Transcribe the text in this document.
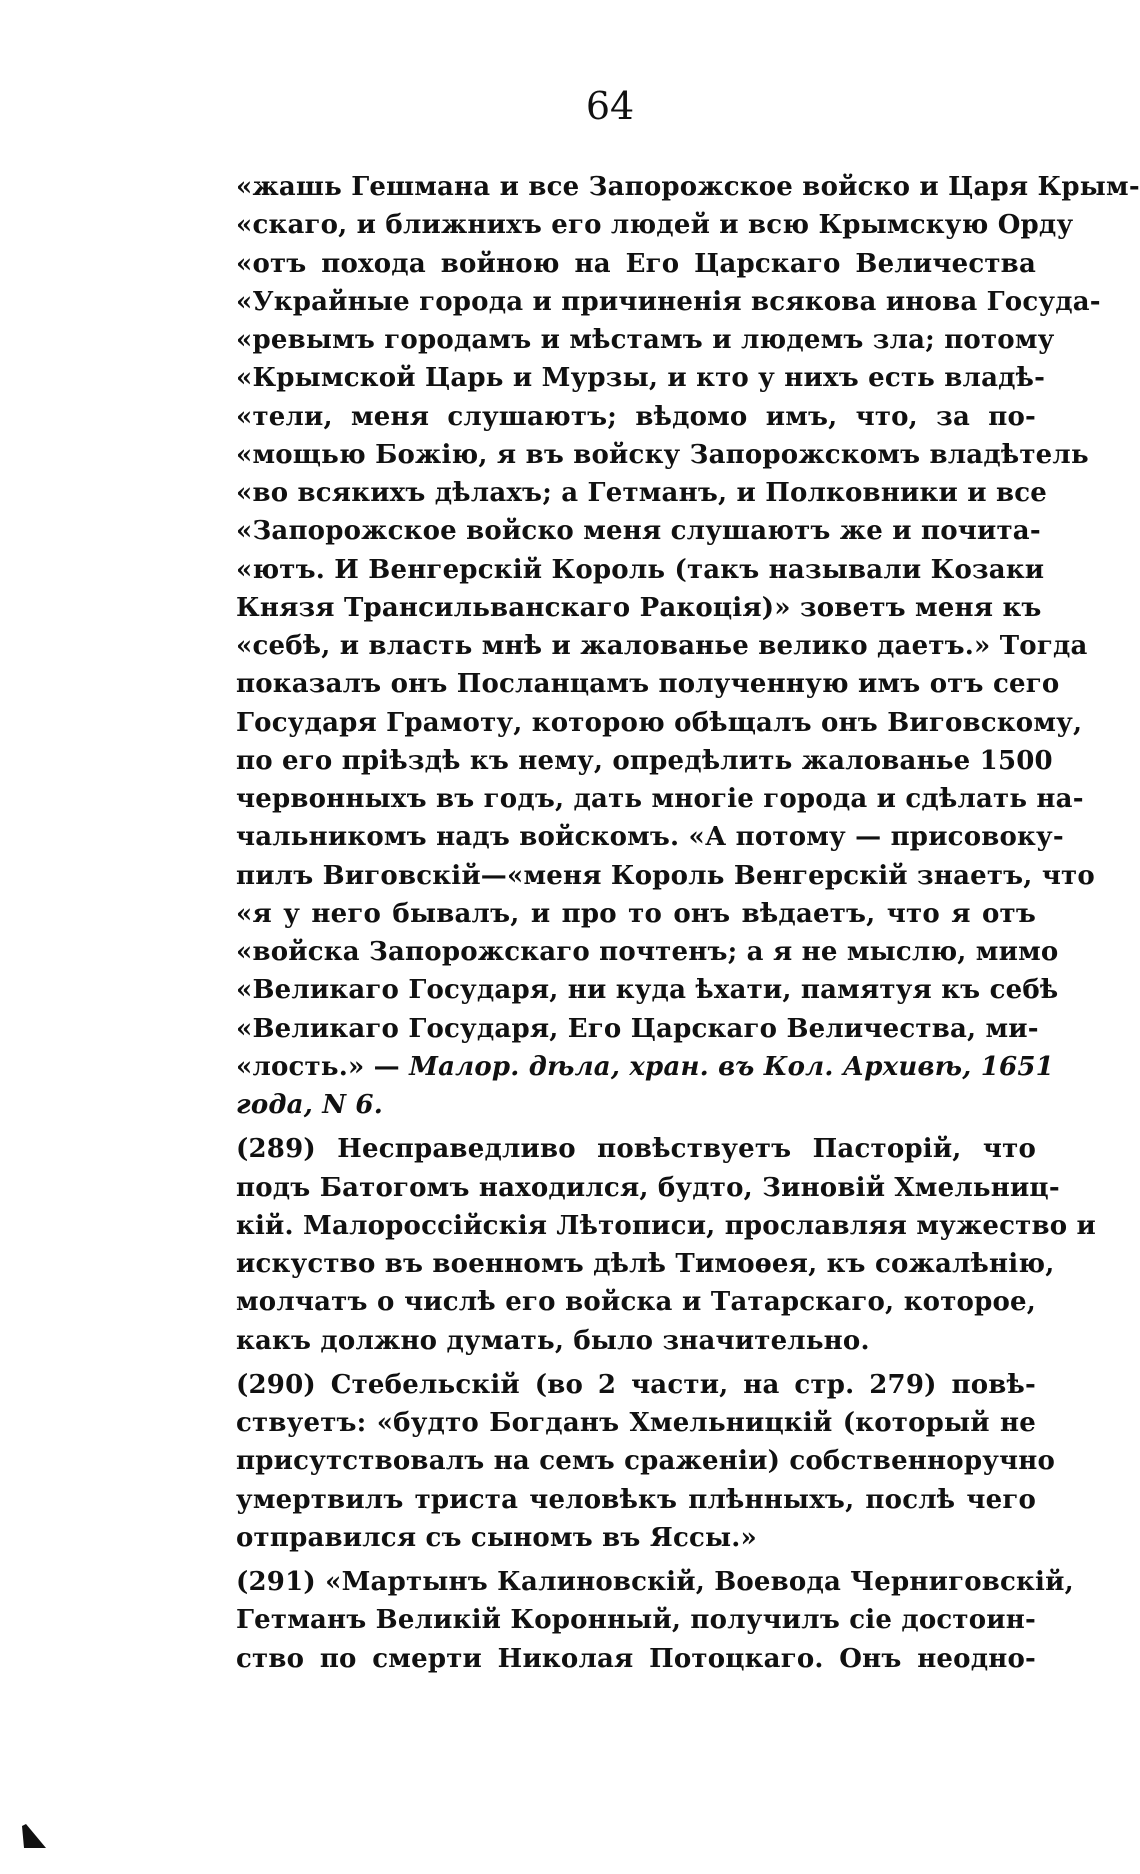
64
«жашь Гешмана и все Запорожское войско и Царя Крым-
«скаго, и ближнихъ его людей и всю Крымскую Орду
«отъ похода войною на Его Царскаго Величества
«Украйные города и причиненія всякова инова Госуда-
«ревымъ городамъ и мѣстамъ и людемъ зла; потому
«Крымской Царь и Мурзы, и кто у нихъ есть владѣ-
«тели, меня слушаютъ; вѣдомо имъ, что, за по-
«мощью Божію, я въ войску Запорожскомъ владѣтель
«во всякихъ дѣлахъ; а Гетманъ, и Полковники и все
«Запорожское войско меня слушаютъ же и почита-
«ютъ. И Венгерскій Король (такъ называли Козаки
Князя Трансильванскаго Ракоція)» зоветъ меня къ
«себѣ, и власть мнѣ и жалованье велико даетъ.» Тогда
показалъ онъ Посланцамъ полученную имъ отъ сего
Государя Грамоту, которою обѣщалъ онъ Виговскому,
по его пріѣздѣ къ нему, опредѣлить жалованье 1500
червонныхъ въ годъ, дать многіе города и сдѣлать на-
чальникомъ надъ войскомъ. «А потому — присовоку-
пилъ Виговскій—«меня Король Венгерскій знаетъ, что
«я у него бывалъ, и про то онъ вѣдаетъ, что я отъ
«войска Запорожскаго почтенъ; а я не мыслю, мимо
«Великаго Государя, ни куда ѣхати, памятуя къ себѣ
«Великаго Государя, Его Царскаго Величества, ми-
«лость.» — Малор. дѣла, хран. въ Кол. Архивѣ, 1651
года, N 6.
(289) Несправедливо повѣствуетъ Пасторій, что
подъ Батогомъ находился, будто, Зиновій Хмельниц-
кій. Малороссійскія Лѣтописи, прославляя мужество и
искуство въ военномъ дѣлѣ Тимоѳея, къ сожалѣнію,
молчатъ о числѣ его войска и Татарскаго, которое,
какъ должно думать, было значительно.
(290) Стебельскій (во 2 части, на стр. 279) повѣ-
ствуетъ: «будто Богданъ Хмельницкій (который не
присутствовалъ на семъ сраженіи) собственноручно
умертвилъ триста человѣкъ плѣнныхъ, послѣ чего
отправился съ сыномъ въ Яссы.»
(291) «Мартынъ Калиновскій, Воевода Черниговскій,
Гетманъ Великій Коронный, получилъ сіе достоин-
ство по смерти Николая Потоцкаго. Онъ неодно-
